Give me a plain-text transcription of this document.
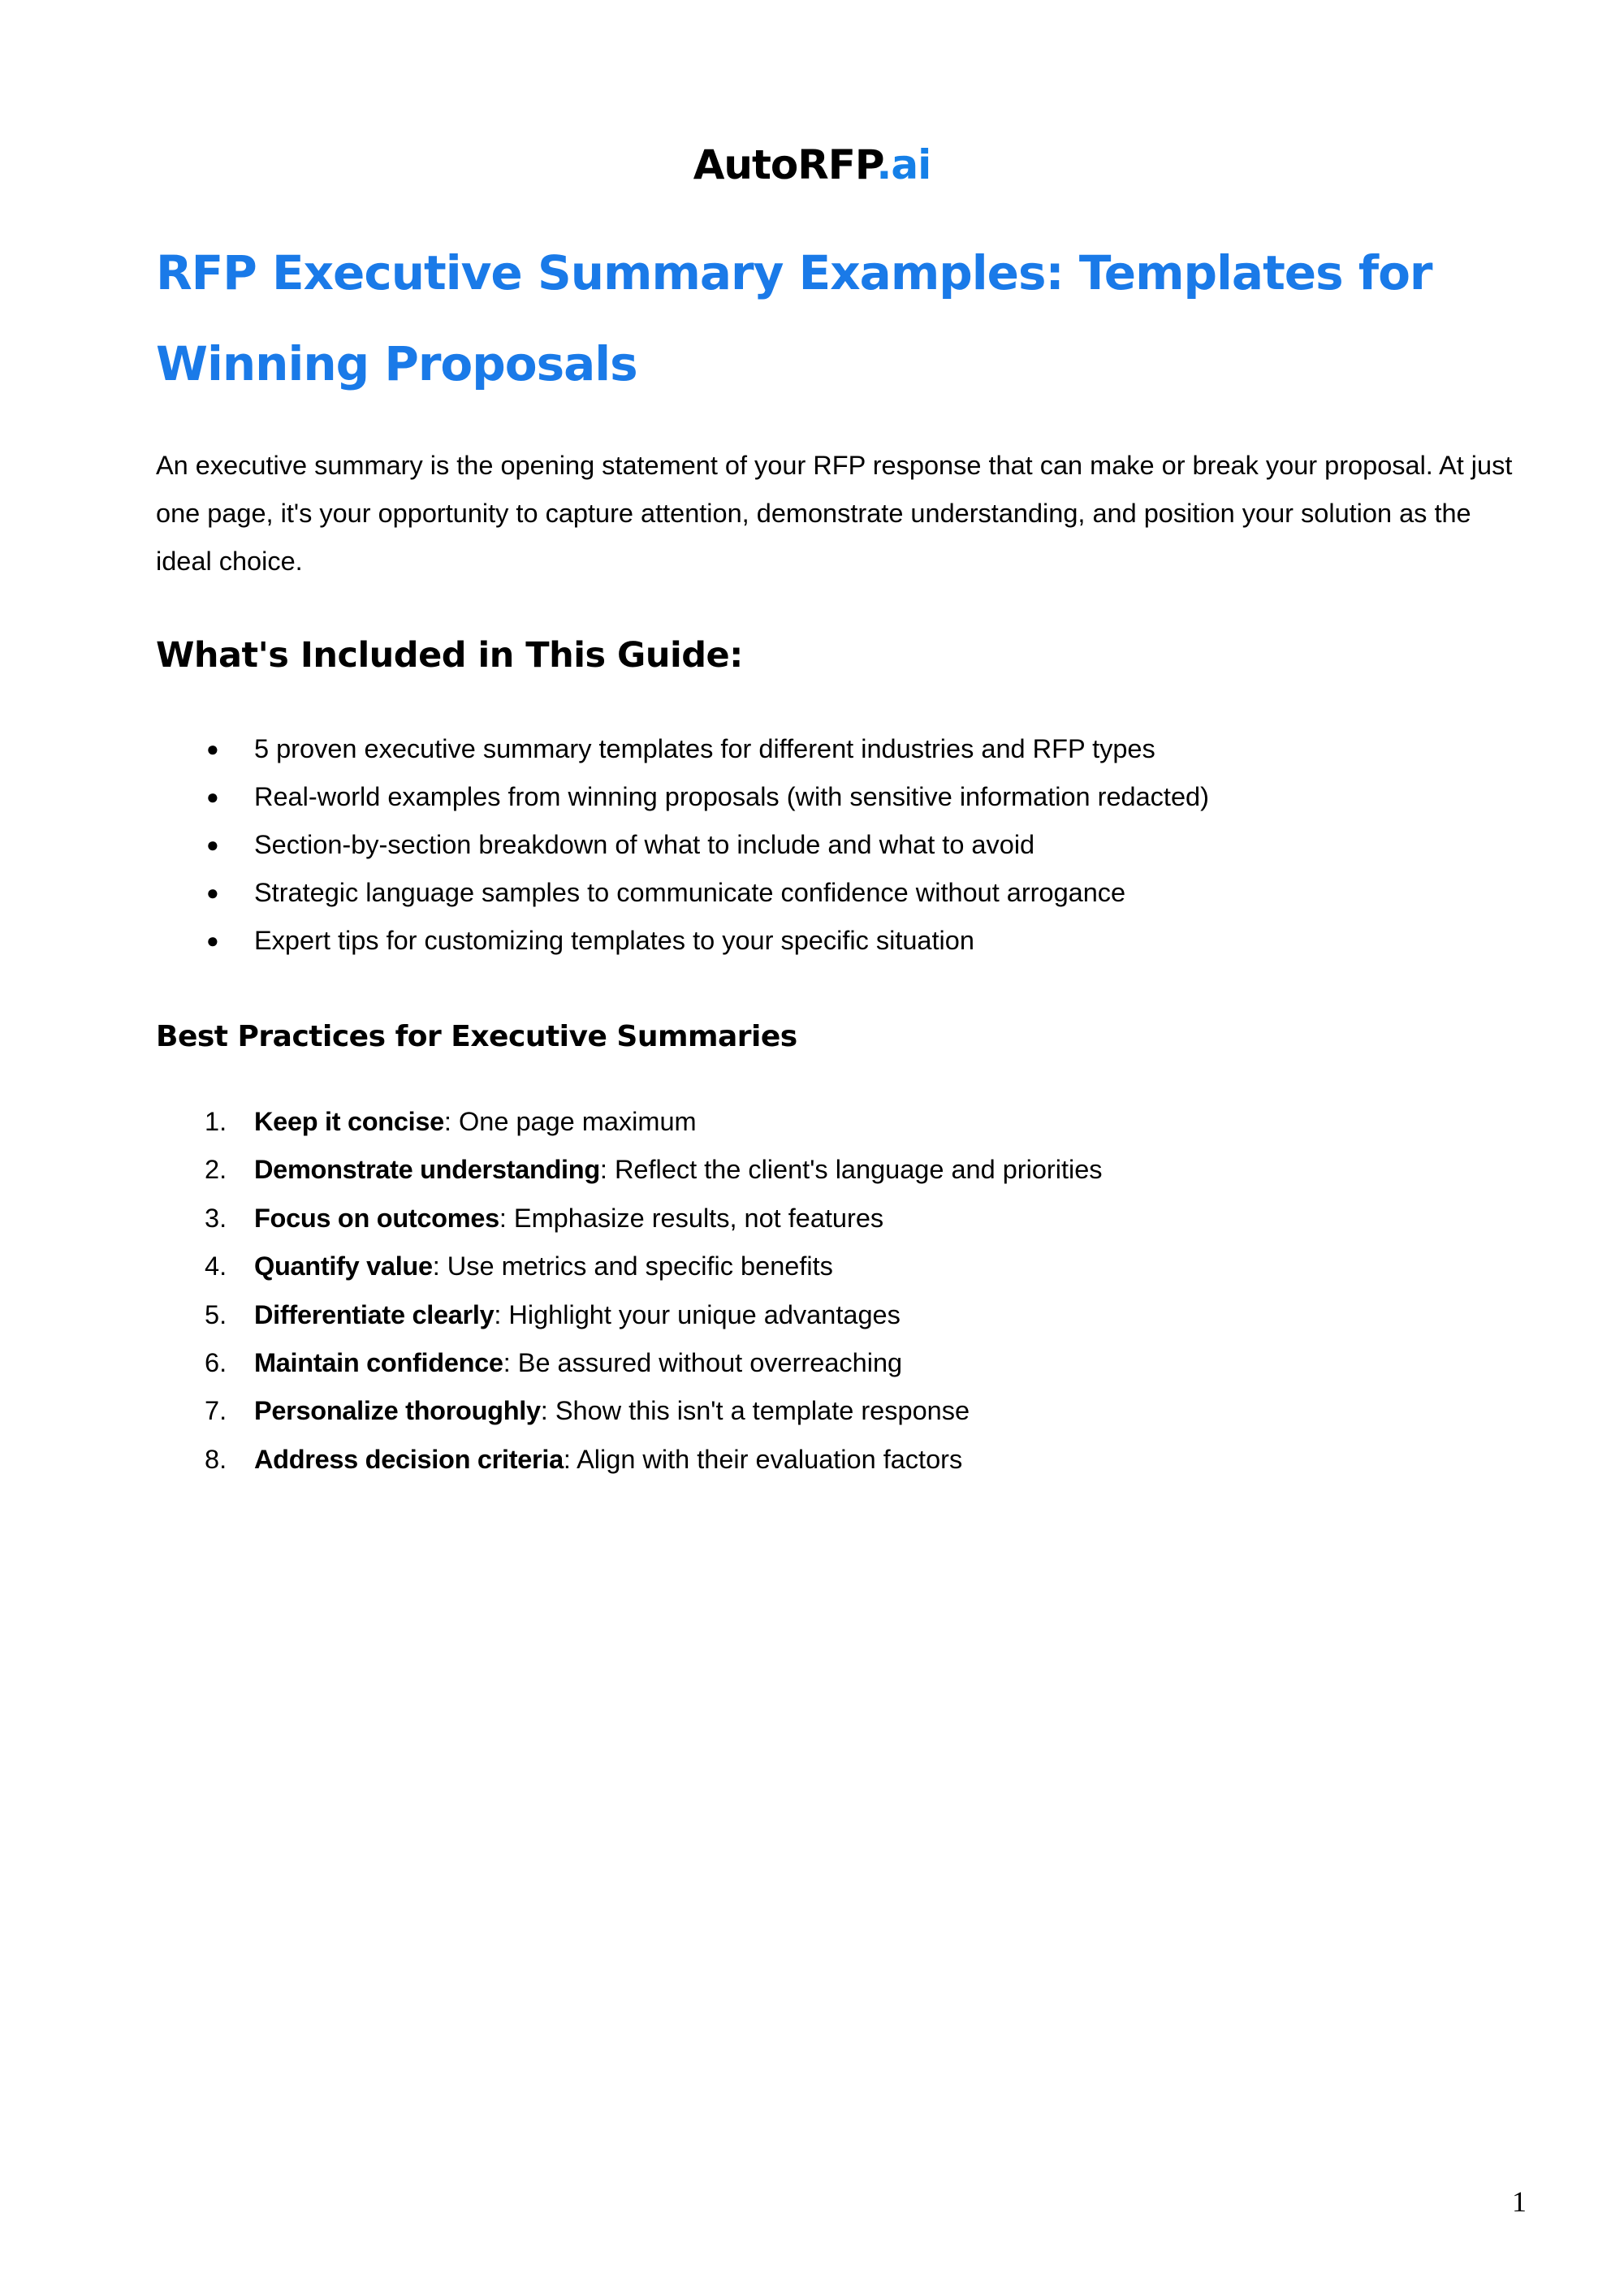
AutoRFP.ai
RFP Executive Summary Examples: Templates for Winning Proposals

An executive summary is the opening statement of your RFP response that can make or break your proposal. At just one page, it's your opportunity to capture attention, demonstrate understanding, and position your solution as the ideal choice.

What's Included in This Guide:
● 5 proven executive summary templates for different industries and RFP types
● Real-world examples from winning proposals (with sensitive information redacted)
● Section-by-section breakdown of what to include and what to avoid
● Strategic language samples to communicate confidence without arrogance
● Expert tips for customizing templates to your specific situation
Best Practices for Executive Summaries
1. Keep it concise: One page maximum
2. Demonstrate understanding: Reflect the client's language and priorities
3. Focus on outcomes: Emphasize results, not features
4. Quantify value: Use metrics and specific benefits
5. Differentiate clearly: Highlight your unique advantages
6. Maintain confidence: Be assured without overreaching
7. Personalize thoroughly: Show this isn't a template response
8. Address decision criteria: Align with their evaluation factors
1
